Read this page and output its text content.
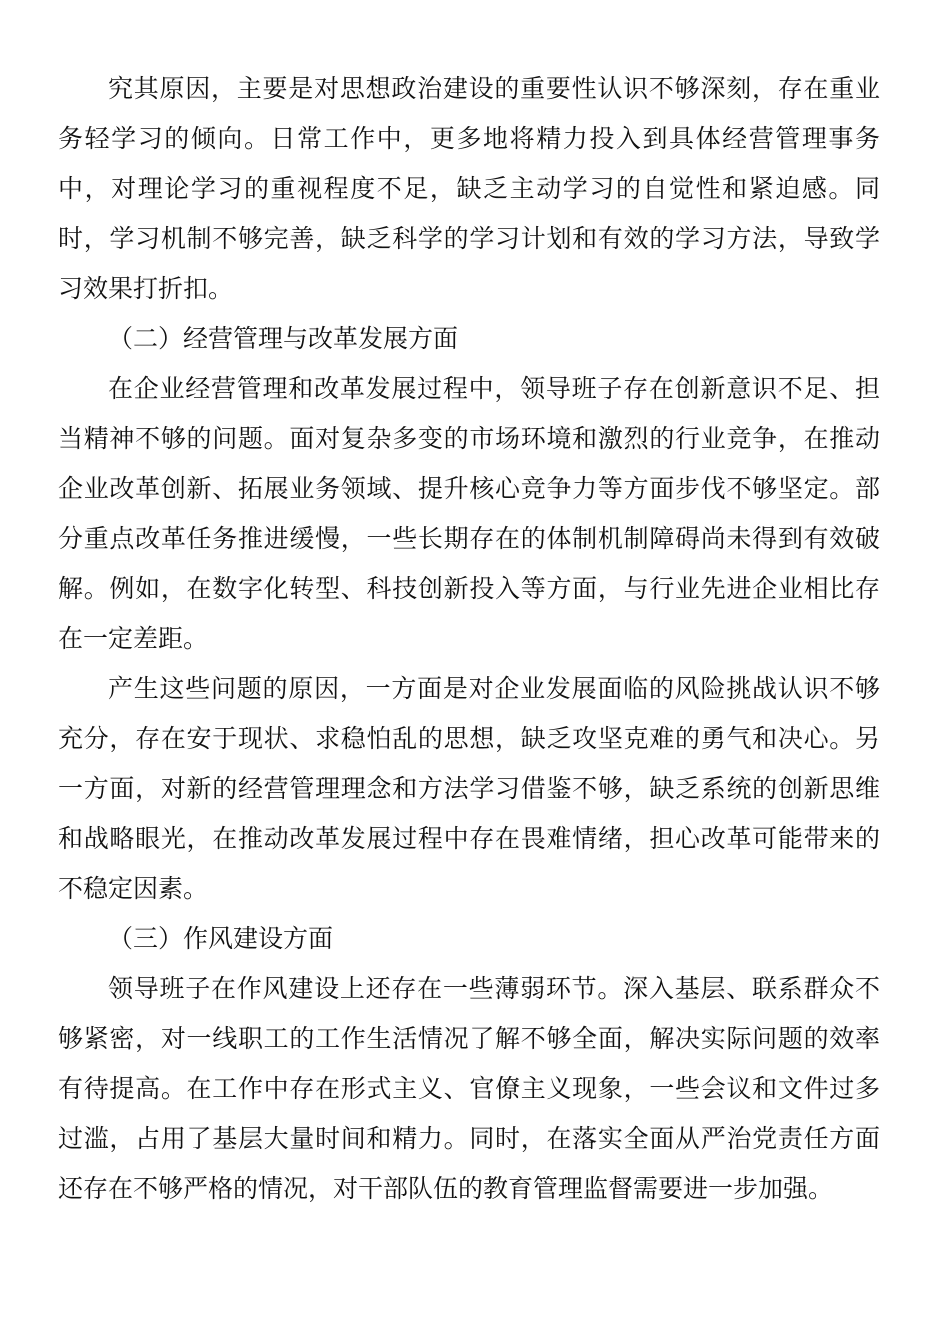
究其原因，主要是对思想政治建设的重要性认识不够深刻，存在重业务轻学习的倾向。日常工作中，更多地将精力投入到具体经营管理事务中，对理论学习的重视程度不足，缺乏主动学习的自觉性和紧迫感。同时，学习机制不够完善，缺乏科学的学习计划和有效的学习方法，导致学习效果打折扣。

（二）经营管理与改革发展方面

在企业经营管理和改革发展过程中，领导班子存在创新意识不足、担当精神不够的问题。面对复杂多变的市场环境和激烈的行业竞争，在推动企业改革创新、拓展业务领域、提升核心竞争力等方面步伐不够坚定。部分重点改革任务推进缓慢，一些长期存在的体制机制障碍尚未得到有效破解。例如，在数字化转型、科技创新投入等方面，与行业先进企业相比存在一定差距。

产生这些问题的原因，一方面是对企业发展面临的风险挑战认识不够充分，存在安于现状、求稳怕乱的思想，缺乏攻坚克难的勇气和决心。另一方面，对新的经营管理理念和方法学习借鉴不够，缺乏系统的创新思维和战略眼光，在推动改革发展过程中存在畏难情绪，担心改革可能带来的不稳定因素。

（三）作风建设方面

领导班子在作风建设上还存在一些薄弱环节。深入基层、联系群众不够紧密，对一线职工的工作生活情况了解不够全面，解决实际问题的效率有待提高。在工作中存在形式主义、官僚主义现象，一些会议和文件过多过滥，占用了基层大量时间和精力。同时，在落实全面从严治党责任方面还存在不够严格的情况，对干部队伍的教育管理监督需要进一步加强。
